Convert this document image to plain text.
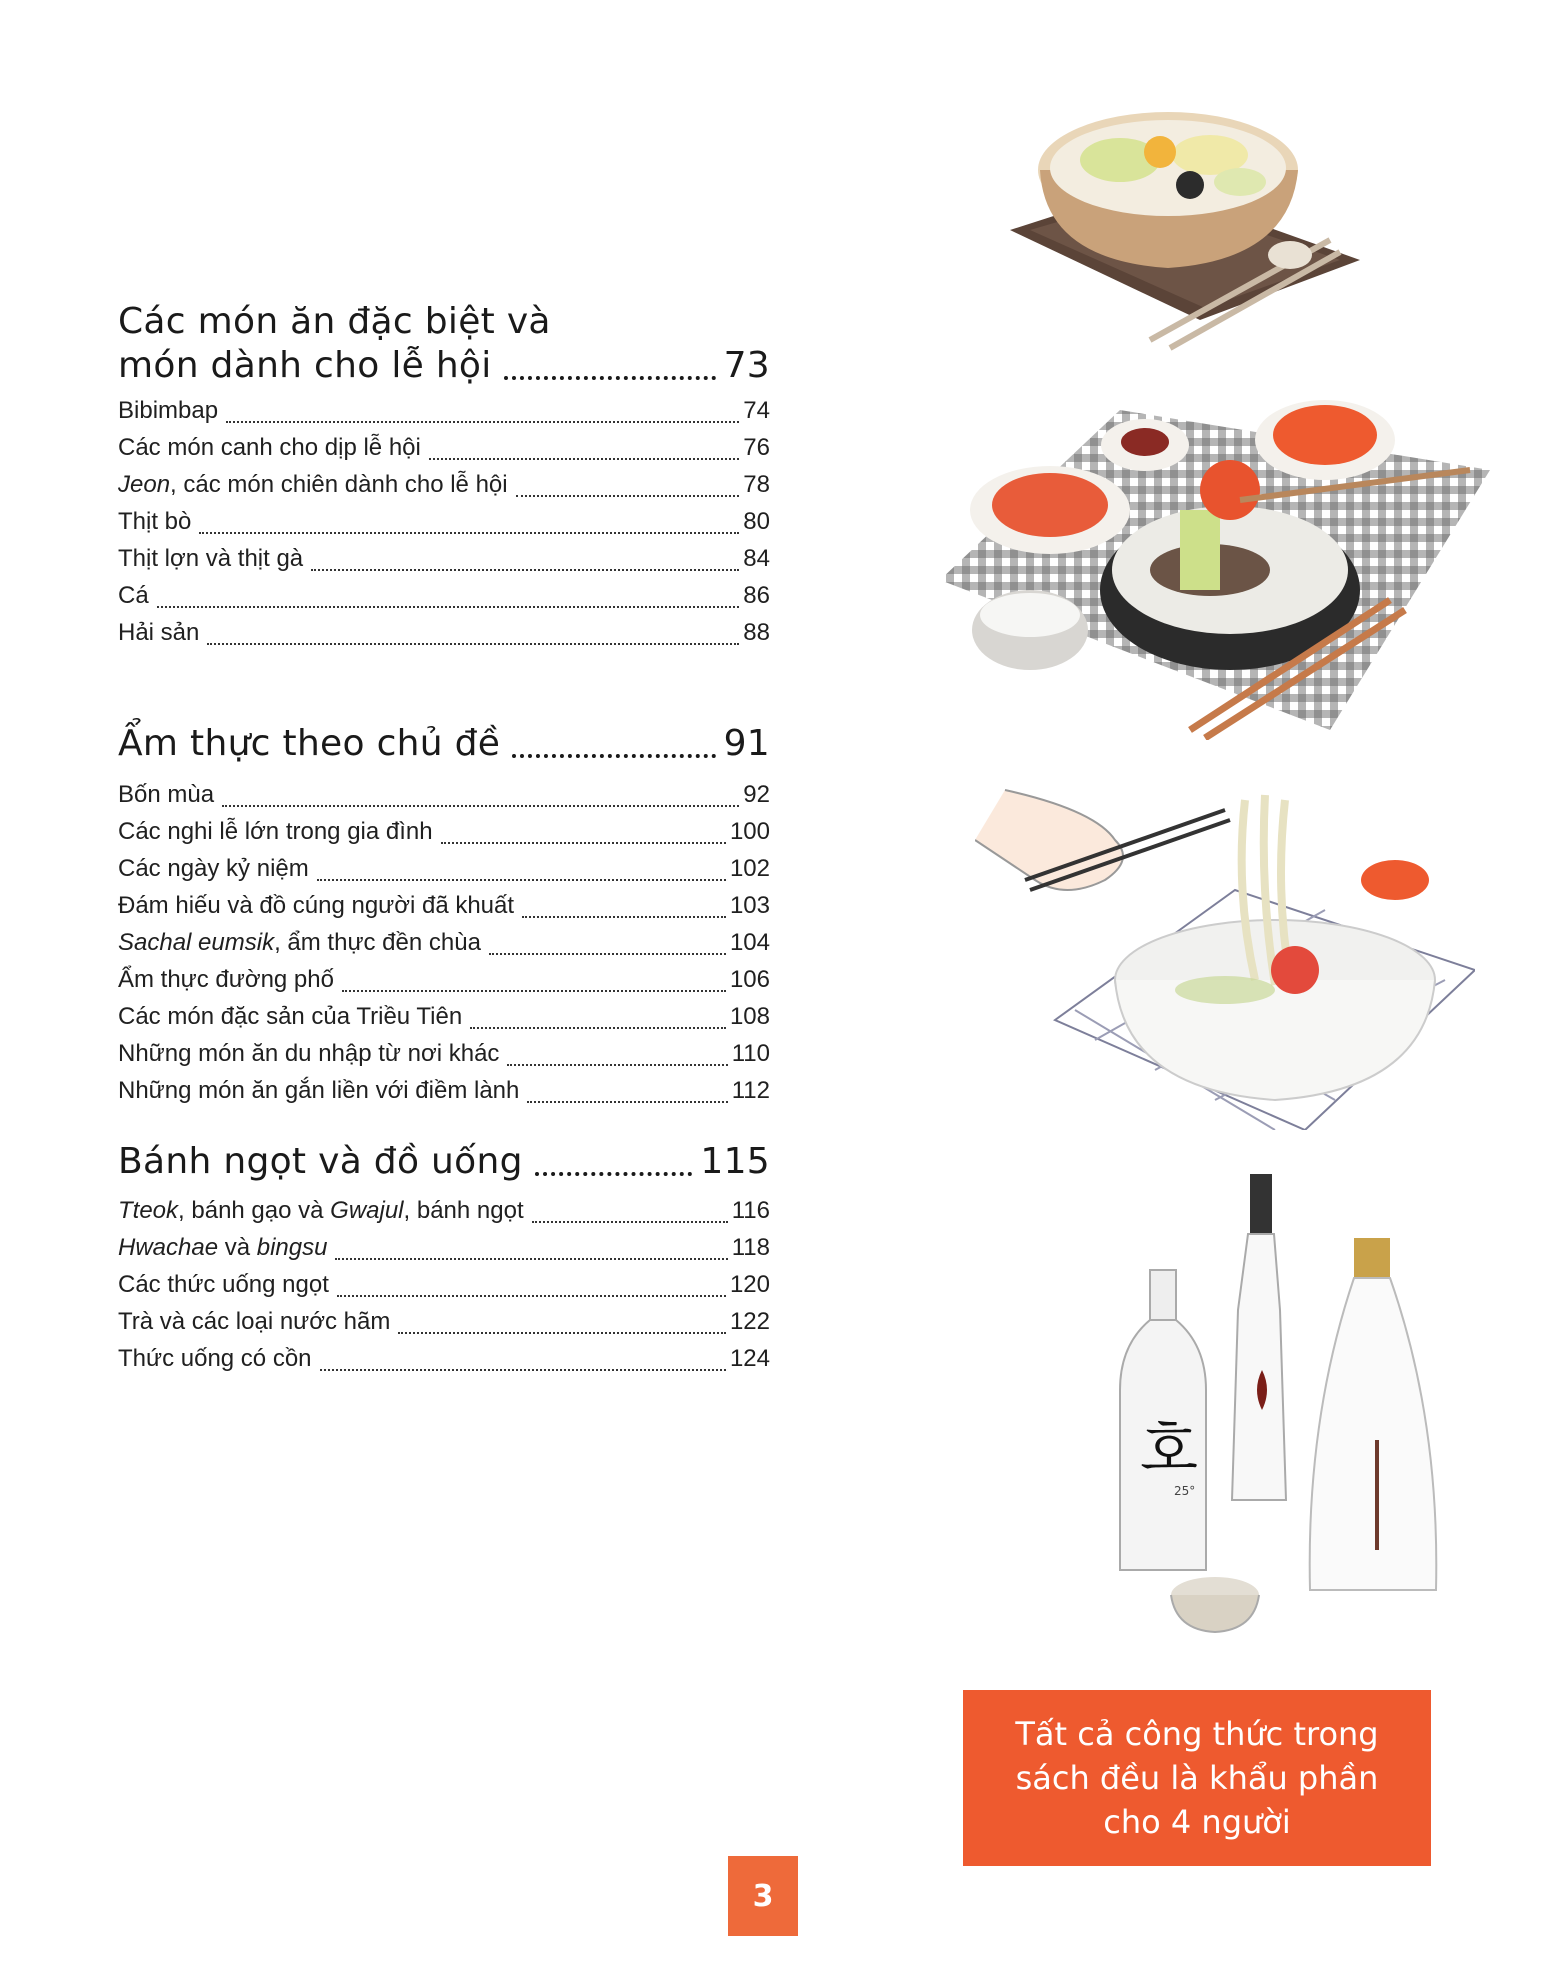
Các món ăn đặc biệt và
món dành cho lễ hội	73
Bibimbap	74
Các món canh cho dịp lễ hội	76
Jeon, các món chiên dành cho lễ hội	78
Thịt bò	80
Thịt lợn và thịt gà	84
Cá	86
Hải sản	88
Ẩm thực theo chủ đề	91
Bốn mùa	92
Các nghi lễ lớn trong gia đình	100
Các ngày kỷ niệm	102
Đám hiếu và đồ cúng người đã khuất	103
Sachal eumsik, ẩm thực đền chùa	104
Ẩm thực đường phố	106
Các món đặc sản của Triều Tiên	108
Những món ăn du nhập từ nơi khác	110
Những món ăn gắn liền với điềm lành	112
Bánh ngọt và đồ uống	115
Tteok, bánh gạo và Gwajul, bánh ngọt	116
Hwachae và bingsu	118
Các thức uống ngọt	120
Trà và các loại nước hãm	122
Thức uống có cồn	124
호
25°
Tất cả công thức trong
sách đều là khẩu phần
cho 4 người
3
